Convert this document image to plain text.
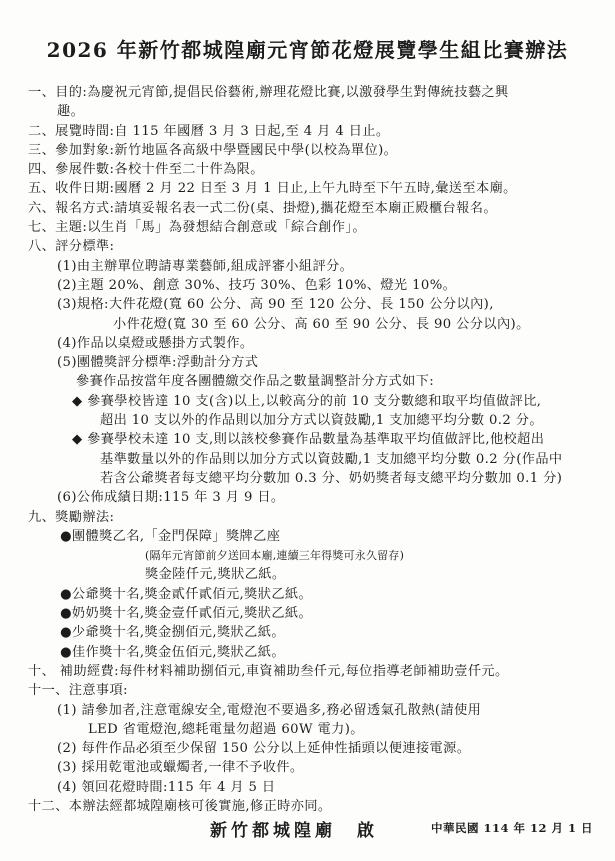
2026 年新竹都城隍廟元宵節花燈展覽學生組比賽辦法
一、目的:為慶祝元宵節,提倡民俗藝術,辦理花燈比賽,以激發學生對傳統技藝之興
趣。
二、展覽時間:自 115 年國曆 3 月 3 日起,至 4 月 4 日止。
三、參加對象:新竹地區各高級中學暨國民中學(以校為單位)。
四、參展件數:各校十件至二十件為限。
五、收件日期:國曆 2 月 22 日至 3 月 1 日止,上午九時至下午五時,彙送至本廟。
六、報名方式:請填妥報名表一式二份(桌、掛燈),攜花燈至本廟正殿櫃台報名。
七、主題:以生肖「馬」為發想結合創意或「綜合創作」。
八、評分標準:
(1)由主辦單位聘請專業藝師,組成評審小組評分。
(2)主題 20%、創意 30%、技巧 30%、色彩 10%、燈光 10%。
(3)規格:大件花燈(寬 60 公分、高 90 至 120 公分、長 150 公分以內),
小件花燈(寬 30 至 60 公分、高 60 至 90 公分、長 90 公分以內)。
(4)作品以桌燈或懸掛方式製作。
(5)團體獎評分標準:浮動計分方式
參賽作品按當年度各團體繳交作品之數量調整計分方式如下:
◆ 參賽學校皆達 10 支(含)以上,以較高分的前 10 支分數總和取平均值做評比,
超出 10 支以外的作品則以加分方式以資鼓勵,1 支加總平均分數 0.2 分。
◆ 參賽學校未達 10 支,則以該校參賽作品數量為基準取平均值做評比,他校超出
基準數量以外的作品則以加分方式以資鼓勵,1 支加總平均分數 0.2 分(作品中
若含公爺獎者每支總平均分數加 0.3 分、奶奶獎者每支總平均分數加 0.1 分)
(6)公佈成績日期:115 年 3 月 9 日。
九、獎勵辦法:
●團體獎乙名,「金門保障」獎牌乙座
(隔年元宵節前夕送回本廟,連續三年得獎可永久留存)
獎金陸仟元,獎狀乙紙。
●公爺獎十名,獎金貳仟貳佰元,獎狀乙紙。
●奶奶獎十名,獎金壹仟貳佰元,獎狀乙紙。
●少爺獎十名,獎金捌佰元,獎狀乙紙。
●佳作獎十名,獎金伍佰元,獎狀乙紙。
十、 補助經費:每件材料補助捌佰元,車資補助叁仟元,每位指導老師補助壹仟元。
十一、注意事項:
(1) 請參加者,注意電線安全,電燈泡不要過多,務必留透氣孔散熱(請使用
LED 省電燈泡,總耗電量勿超過 60W 電力)。
(2) 每件作品必須至少保留 150 公分以上延伸性插頭以便連接電源。
(3) 採用乾電池或蠟燭者,一律不予收件。
(4) 領回花燈時間:115 年 4 月 5 日
十二、本辦法經都城隍廟核可後實施,修正時亦同。
新竹都城隍廟　啟	中華民國 114 年 12 月 1 日
